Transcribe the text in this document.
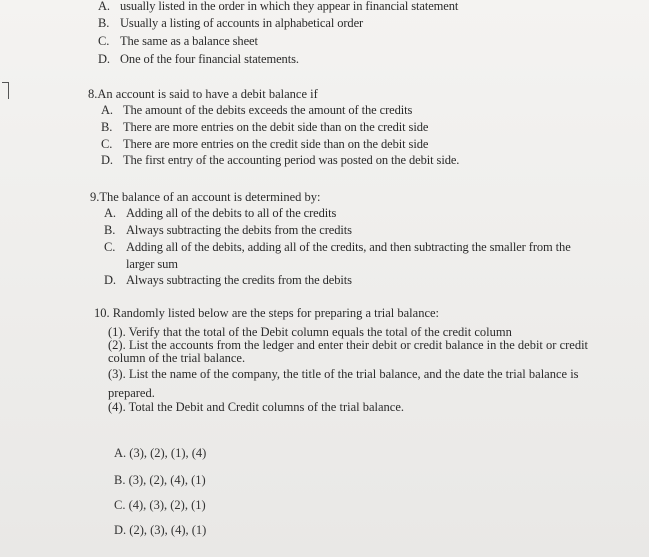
A. usually listed in the order in which they appear in financial statement
B. Usually a listing of accounts in alphabetical order
C. The same as a balance sheet
D. One of the four financial statements.
8.An account is said to have a debit balance if
A. The amount of the debits exceeds the amount of the credits
B. There are more entries on the debit side than on the credit side
C. There are more entries on the credit side than on the debit side
D. The first entry of the accounting period was posted on the debit side.
9.The balance of an account is determined by:
A. Adding all of the debits to all of the credits
B. Always subtracting the debits from the credits
C. Adding all of the debits, adding all of the credits, and then subtracting the smaller from the
larger sum
D. Always subtracting the credits from the debits
10. Randomly listed below are the steps for preparing a trial balance:
(1). Verify that the total of the Debit column equals the total of the credit column
(2). List the accounts from the ledger and enter their debit or credit balance in the debit or credit
column of the trial balance.
(3). List the name of the company, the title of the trial balance, and the date the trial balance is
prepared.
(4). Total the Debit and Credit columns of the trial balance.
A. (3), (2), (1), (4)
B. (3), (2), (4), (1)
C. (4), (3), (2), (1)
D. (2), (3), (4), (1)
